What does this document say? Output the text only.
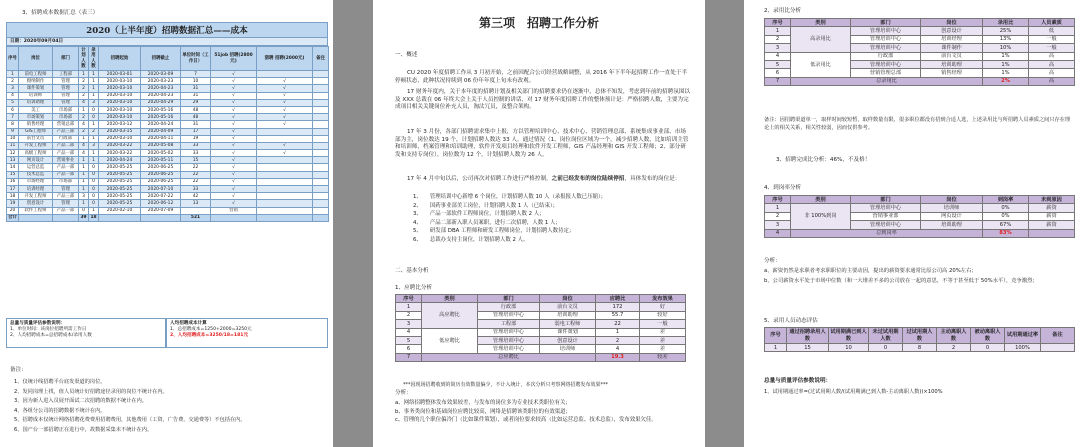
3、招聘成本数据汇总（表三）
2020（上半年度）招聘数据汇总——成本
日期：2020年09月04日
序号	岗位	部门	计划人数	录用人数	招聘起始	招聘截止	单位时间（工作日）	51job 招聘(2800元)	猎聘 招聘(2000元)	备注
1	前电工程师	工程部	1	1	2020-03-01	2020-03-09	7	√		
2	摄纳制作	管理	2	1	2020-03-10	2020-03-23	10	√	√	
3	课件策划	管理	2	1	2020-03-10	2020-04-23	31	√	√	
4	培训师	管理	2	1	2020-03-10	2020-04-23	31	√	√	
5	培训助理	管理	4	3	2020-03-10	2020-04-29	29	√	√	
6	美工	市场部	1	0	2020-03-10	2020-05-16	48	√	√	
7	市场策划	市场部	2	0	2020-03-10	2020-05-16	48	√	√	
8	销售经理	营销总部	4	1	2020-03-12	2020-04-24	31	√	√	
9	GIS工程师	产品三部	2	2	2020-03-15	2020-04-09	17	√		
10	前台文员	行政部	1	1	2020-03-10	2020-04-11	19	√		
11	开发工程师	产品二部	4	3	2020-03-22	2020-05-08	33	√	√	
12	高级工程师	产品一部	4	1	2020-03-22	2020-05-02	33	√	√	
13	网页设计	营销事业	1	1	2020-04-24	2020-05-11	15	√		
14	运营总监	产品一部	1	0	2020-05-25	2020-06-25	22	√		
15	技术总监	产品一部	1	0	2020-05-25	2020-06-25	22	√		
16	市场经理	市场部	1	0	2020-05-25	2020-06-25	22	√		
17	培训经理	管理	1	0	2020-05-25	2020-07-10	33	√		
18	开发工程师	产品三部	3	0	2020-05-25	2020-07-22	42	√		
19	创意设计	管理	1	0	2020-05-25	2020-06-12	13	√		
20	软件工程师	产品一部	0	1	2020-02-10	2020-07-09		营销		
合计			39	18			521			
总量与质量评估参数说明：
1、单位时间：该岗位招聘所需工作日
2、人均招聘成本=总招聘成本/录用人数
人均招聘成本计算
1、总招聘成本=1250+2000=3250元
2、人均招聘成本=3250/18=181元
备注：
1、仅统计线招聘平台底发渠道的岗位。
2、发同岗理上找，值人员统计好招聘途径录用的岗位不统计在内。
3、因为新人进入员展开面试二次招聘的数据不统计在内。
4、各组分公司的招聘数据不统计在内。
5、招聘成本仅统计网络招聘花费费用招聘费用，其他费用（工资、广告费、交通费等）不包括在内。
6、国产台一部招聘正在进行中，故数据采集未不统计在内。
第三项　招聘工作分析
一、概述
CU 2020 年度招聘工作从 3 月初开始，之前因配合公司经营战略调整，从 2016 年下半年起招聘工作一直处于半停顿状态，此种状况持续到 06 份年年度上旬未有改观。
17 财务年度内，关于本年度的招聘计划及相关部门的招聘要求仍在逐渐中，总体不知发，考虑到年前的招聘氛围以及 XXX 总裁在 06 年终大会上关于人员控制的讲话，对 17 财务年度招聘工作的整体预计是：严格招聘人数，主要为完成项目相关关键岗位补充人员，淘汰冗员，及整合架构。
17 年 3 月份，各部门招聘需求集中上报，方以管理培训中心、技术中心、营销管理总部、系统集成事业部、市场部为主，岗位数达 19 个，计划招聘人数达 33 人。通过情况（1、岗位岗位区域为一个，减少招聘人数，比如培训主管和培训师，档案管理和培训助理，软件开发项目经理和软件开发工程师，GIS 产品经理和 GIS 开发工程师；2、部分研发和支持专岗位），岗位数为 12 个，计划招聘人数为 26 人。
17 年 4 月中旬以后，公司再次对招聘工作进行严格控制，之前已经发布的岗位陆续停招，具体发布的岗位是：
1、　　管理培训中心新增 6 个岗位，计划招聘人数 10 人（录报报人数已压缩）；
2、　　国药事业部美工岗位，计划招聘人数 1 人（已结束）；
3、　　产品一部软件工程师岗位，计划招聘人数 2 人；
4、　　产品二部新入职人员案职，进行二次招聘，人数 1 人；
5、　　研发部 DBA 工程师和研发工程师岗位，计划招聘人数待定；
6、　　总裁办支持主岗位，计划招聘人数 2 人。
二、基本分析
1、应聘比分析
序号	类别	部门	岗位	应聘比	发布效果
1	高应聘比	行政部	前台文员	172	好
2		管理培训中心	培训助理	55.7	较好
3		工程部	弱电工程师	22	一般
4	低应聘比	管理培训中心	课件策划	1	差
5		管理培训中心	创意设计	2	差
6		管理培训中心	培训师	4	差
7	总应聘比			19.3	较差
***因现场招聘收到的简历有效数量偏少，不计入统计，本次分析只考察网络招聘发布效果***
分析：
a、网络招聘整体发布效果较差，与发布的岗位多为专业技术类职位有关；
b、事务类岗位和基础岗位应聘比较高，网络是招聘该类职位的有效渠道；
c、管理的几个职位偏冷门（比如课件策划），或者岗位要求较高（比如运营总监、技术总监），发布效果欠佳。
2、录用比分析
序号	类别	部门	岗位	录用比	人员素质
1	高录用比	管理培训中心	创意设计	25%	低
2		管理培训中心	培训经理	13%	一般
3		管理培训中心	课件制作	10%	一般
4	低录用比	行政部	前台文员	1%	高
5		管理培训中心	培训助理	1%	高
6		营销管理总部	销售经理	1%	高
7	总录用比			2%	高
备注：因招聘渠道单一，取样时间较短暂，取样数量有限，很多职位都没有招到合适人选，上述录用比与所招聘人员素质之间只存在理论上的相关关系，相关性较弱，因而仅供参考。
3、招聘完成比分析：46%，不及格！
4、到岗率分析
序号	类别	部门	岗位	到岗率	未到原因
1	非 100%到岗	管理培训中心	培训师	0%	薪资
2		营销事业部	网页设计	0%	薪资
3		管理培训中心	培训助理	67%	薪资
4	总到岗率			83%	
分析：
a、薪资仍然是求职者考求职职位的主要动因，提出的薪资要求通常比原公司高 20%左右；
b、公司薪资水平处于市场中位数（和一大堆差不多的公司放在一起的意思，不等于甚至低于 50%水平），竞争激烈；
5、录用人员动态评估
序号	通过招聘录用人数	试用期满已到人数	未过试用期人数	过试用期人数	主动离职人数	被动离职人数	试用期通过率	备注
1	15	10	0	8	2	0	100%	
总量与质量评估参数说明：
1、试用期通过率=(过试用期人数/(试用期满已到人数-主动离职人数))×100%
